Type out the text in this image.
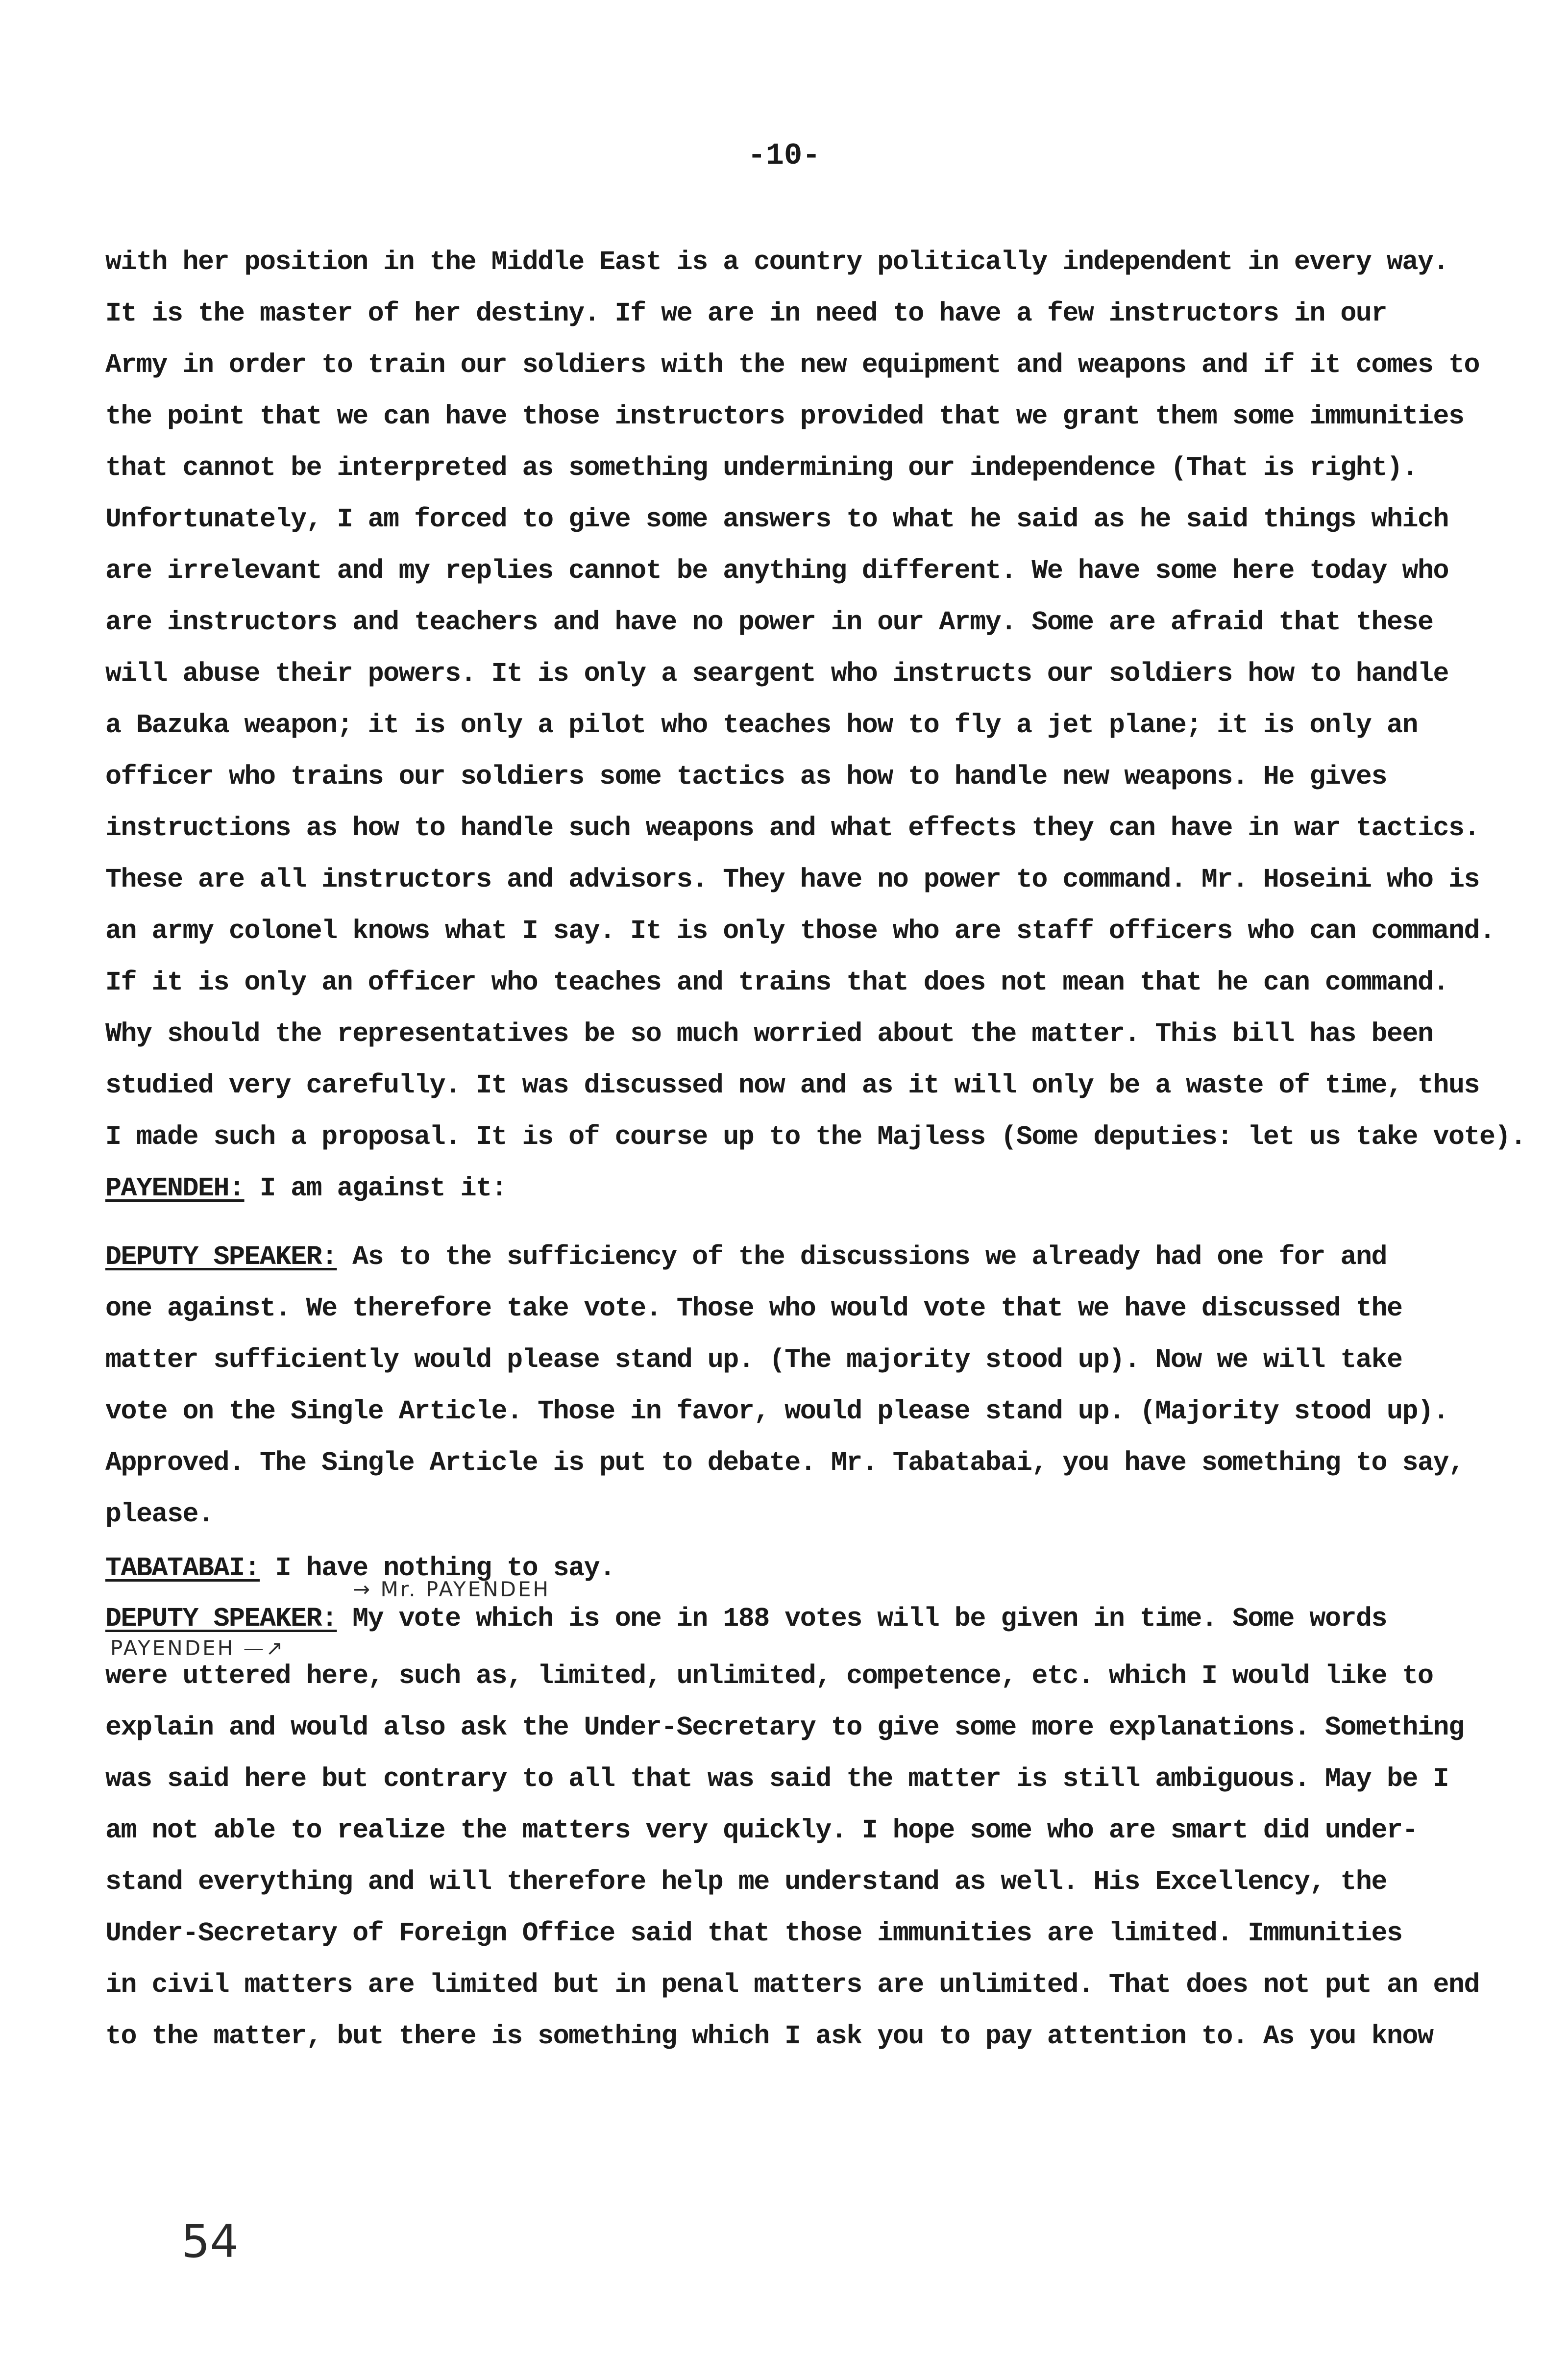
-10-
with her position in the Middle East is a country politically independent in every way.
It is the master of her destiny. If we are in need to have a few instructors in our
Army in order to train our soldiers with the new equipment and weapons and if it comes to
the point that we can have those instructors provided that we grant them some immunities
that cannot be interpreted as something undermining our independence (That is right).
Unfortunately, I am forced to give some answers to what he said as he said things which
are irrelevant and my replies cannot be anything different. We have some here today who
are instructors and teachers and have no power in our Army. Some are afraid that these
will abuse their powers. It is only a seargent who instructs our soldiers how to handle
a Bazuka weapon; it is only a pilot who teaches how to fly a jet plane; it is only an
officer who trains our soldiers some tactics as how to handle new weapons. He gives
instructions as how to handle such weapons and what effects they can have in war tactics.
These are all instructors and advisors. They have no power to command. Mr. Hoseini who is
an army colonel knows what I say. It is only those who are staff officers who can command.
If it is only an officer who teaches and trains that does not mean that he can command.
Why should the representatives be so much worried about the matter. This bill has been
studied very carefully. It was discussed now and as it will only be a waste of time, thus
I made such a proposal. It is of course up to the Majless (Some deputies: let us take vote).
PAYENDEH: I am against it:
DEPUTY SPEAKER: As to the sufficiency of the discussions we already had one for and
one against. We therefore take vote. Those who would vote that we have discussed the
matter sufficiently would please stand up. (The majority stood up). Now we will take
vote on the Single Article. Those in favor, would please stand up. (Majority stood up).
Approved. The Single Article is put to debate. Mr. Tabatabai, you have something to say,
please.
TABATABAI: I have nothing to say.
→ Mr. PAYENDEH
DEPUTY SPEAKER: My vote which is one in 188 votes will be given in time. Some words
PAYENDEH —↗
were uttered here, such as, limited, unlimited, competence, etc. which I would like to
explain and would also ask the Under-Secretary to give some more explanations. Something
was said here but contrary to all that was said the matter is still ambiguous. May be I
am not able to realize the matters very quickly. I hope some who are smart did under-
stand everything and will therefore help me understand as well. His Excellency, the
Under-Secretary of Foreign Office said that those immunities are limited. Immunities
in civil matters are limited but in penal matters are unlimited. That does not put an end
to the matter, but there is something which I ask you to pay attention to. As you know
54
